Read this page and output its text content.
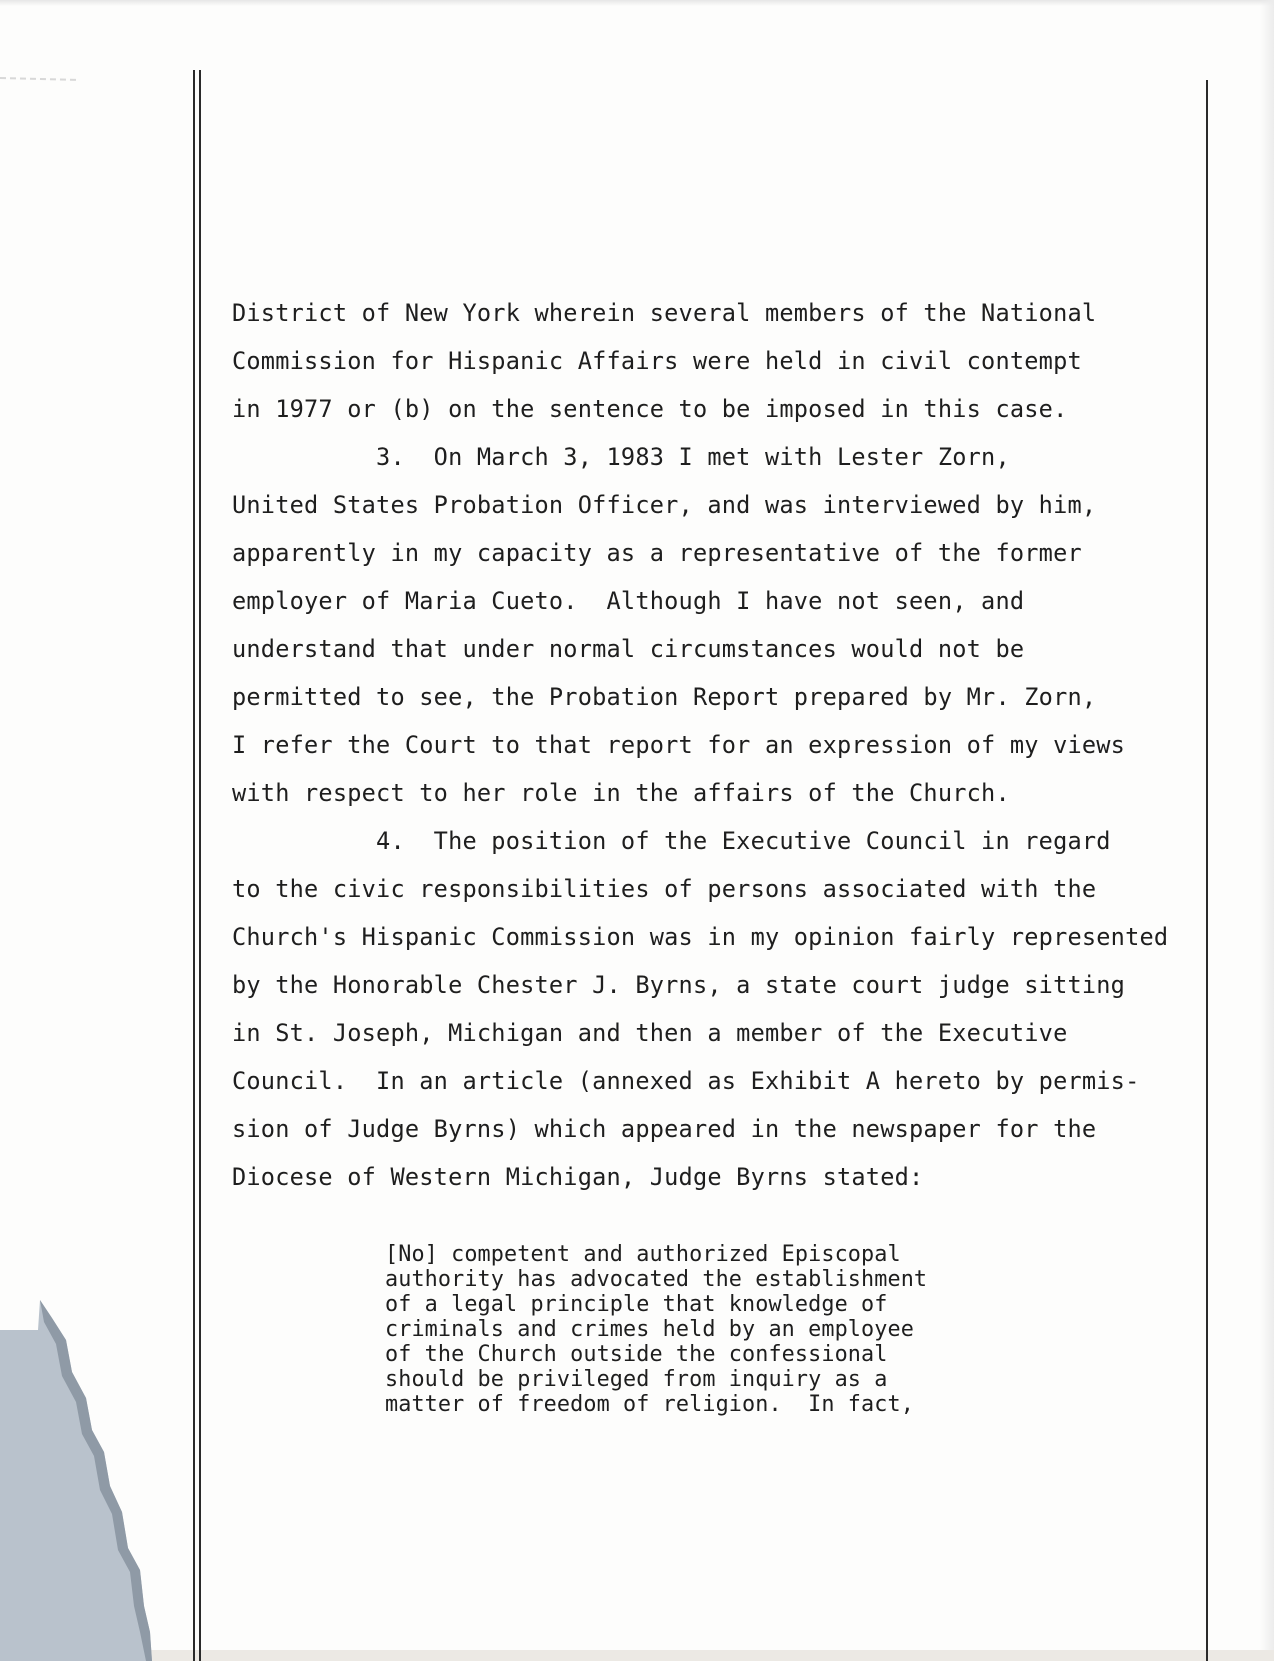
District of New York wherein several members of the National
Commission for Hispanic Affairs were held in civil contempt
in 1977 or (b) on the sentence to be imposed in this case.
3.  On March 3, 1983 I met with Lester Zorn,
United States Probation Officer, and was interviewed by him,
apparently in my capacity as a representative of the former
employer of Maria Cueto.  Although I have not seen, and
understand that under normal circumstances would not be
permitted to see, the Probation Report prepared by Mr. Zorn,
I refer the Court to that report for an expression of my views
with respect to her role in the affairs of the Church.
4.  The position of the Executive Council in regard
to the civic responsibilities of persons associated with the
Church's Hispanic Commission was in my opinion fairly represented
by the Honorable Chester J. Byrns, a state court judge sitting
in St. Joseph, Michigan and then a member of the Executive
Council.  In an article (annexed as Exhibit A hereto by permis-
sion of Judge Byrns) which appeared in the newspaper for the
Diocese of Western Michigan, Judge Byrns stated:
[No] competent and authorized Episcopal
authority has advocated the establishment
of a legal principle that knowledge of
criminals and crimes held by an employee
of the Church outside the confessional
should be privileged from inquiry as a
matter of freedom of religion.  In fact,
